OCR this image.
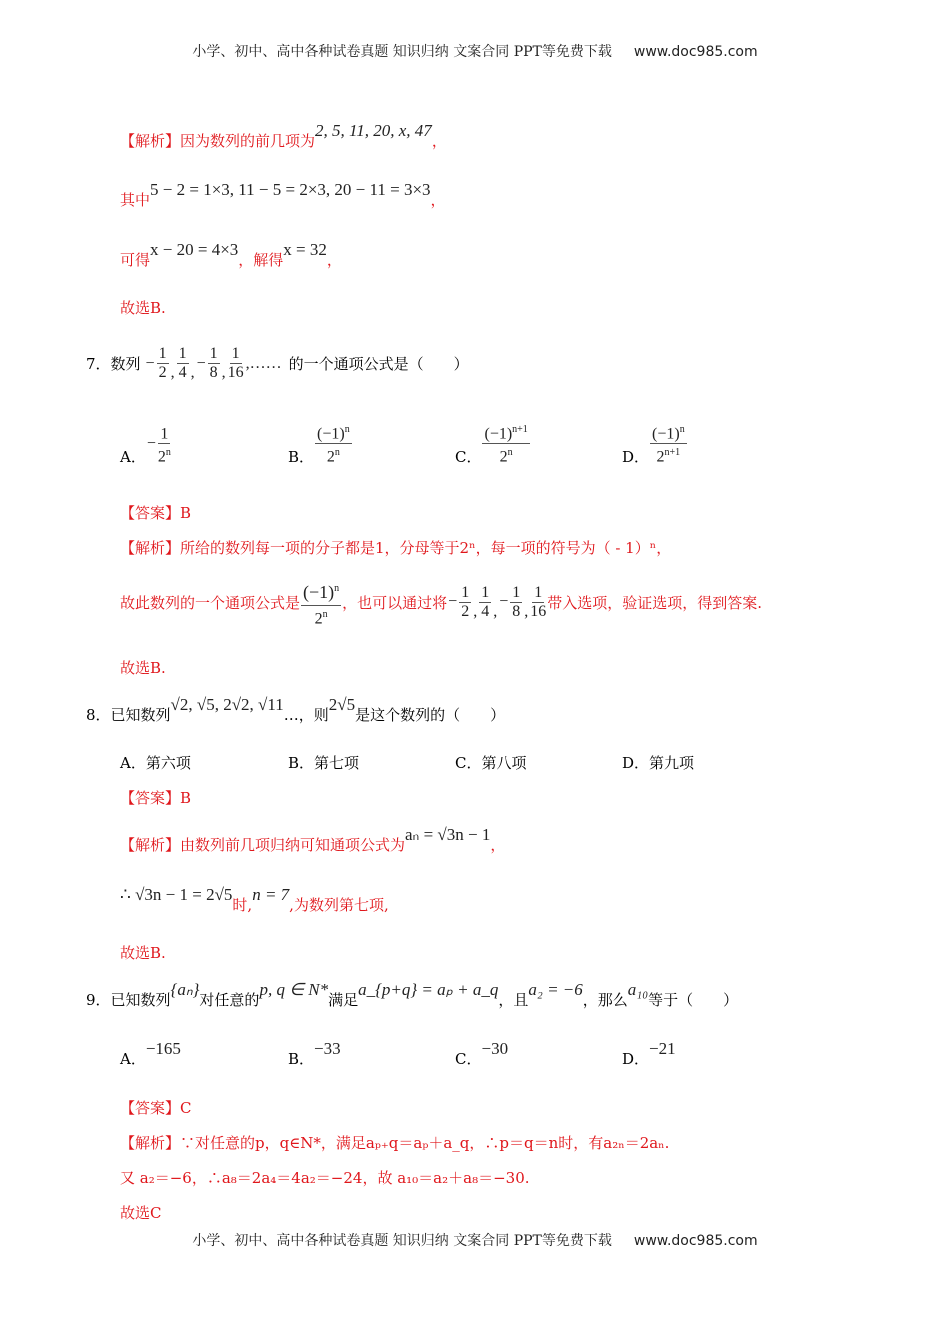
小学、初中、高中各种试卷真题 知识归纳 文案合同 PPT等免费下载 www.doc985.com
【解析】因为数列的前几项为
2, 5, 11, 20, x, 47
，
其中
5 − 2 = 1×3, 11 − 5 = 2×3, 20 − 11 = 3×3
，
可得
x − 20 = 4×3
，解得
x = 32
，
故选B.
7．数列 − $\frac{1}{2}$ , $\frac{1}{4}$ ,
− $\frac{1}{8}$ , $\frac{1}{16}$ ,…… 的一个通项公式是（　　）
A．
− $\frac{1}{2^n}$	B．
$(-1)^n$
2$^n$	C．
$(-1)^{n+1}$
2$^n$	D．
$(-1)^n$
$2^{n+1}$
【答案】B
【解析】所给的数列每一项的分子都是1，分母等于2ⁿ，每一项的符号为（ - 1）ⁿ，
故此数列的一个通项公式是
$(-1)^n$
2$^n$
，也可以通过将 − $\frac{1}{2}$ , $\frac{1}{4}$ ,
− $\frac{1}{8}$ , $\frac{1}{16}$ 带入选项，验证选项，得到答案.
故选B.
8．已知数列
√2, √5, 2√2, √11
…，则
2√5
是这个数列的（　　）
A． 第六项	B． 第七项	C． 第八项	D． 第九项
【答案】B
【解析】由数列前几项归纳可知通项公式为
aₙ = √3n − 1
，
∴ √3n − 1 = 2√5
时,
n = 7
,为数列第七项,
故选B.
9．已知数列
{aₙ}
对任意的
p, q ∈ N*
满足
a_{p+q} = aₚ + a_q
，且
a₂ = −6
，那么
a₁₀
等于（　　）
A．
−165
B．
−33
C．
−30
D．
−21
【答案】C
【解析】∵对任意的p，q∈N*，满足aₚ₊q＝aₚ＋a_q，∴p＝q＝n时，有a₂ₙ＝2aₙ.
又 a₂＝−6，∴a₈＝2a₄＝4a₂＝−24，故 a₁₀＝a₂＋a₈＝−30.
故选C
小学、初中、高中各种试卷真题 知识归纳 文案合同 PPT等免费下载 www.doc985.com
